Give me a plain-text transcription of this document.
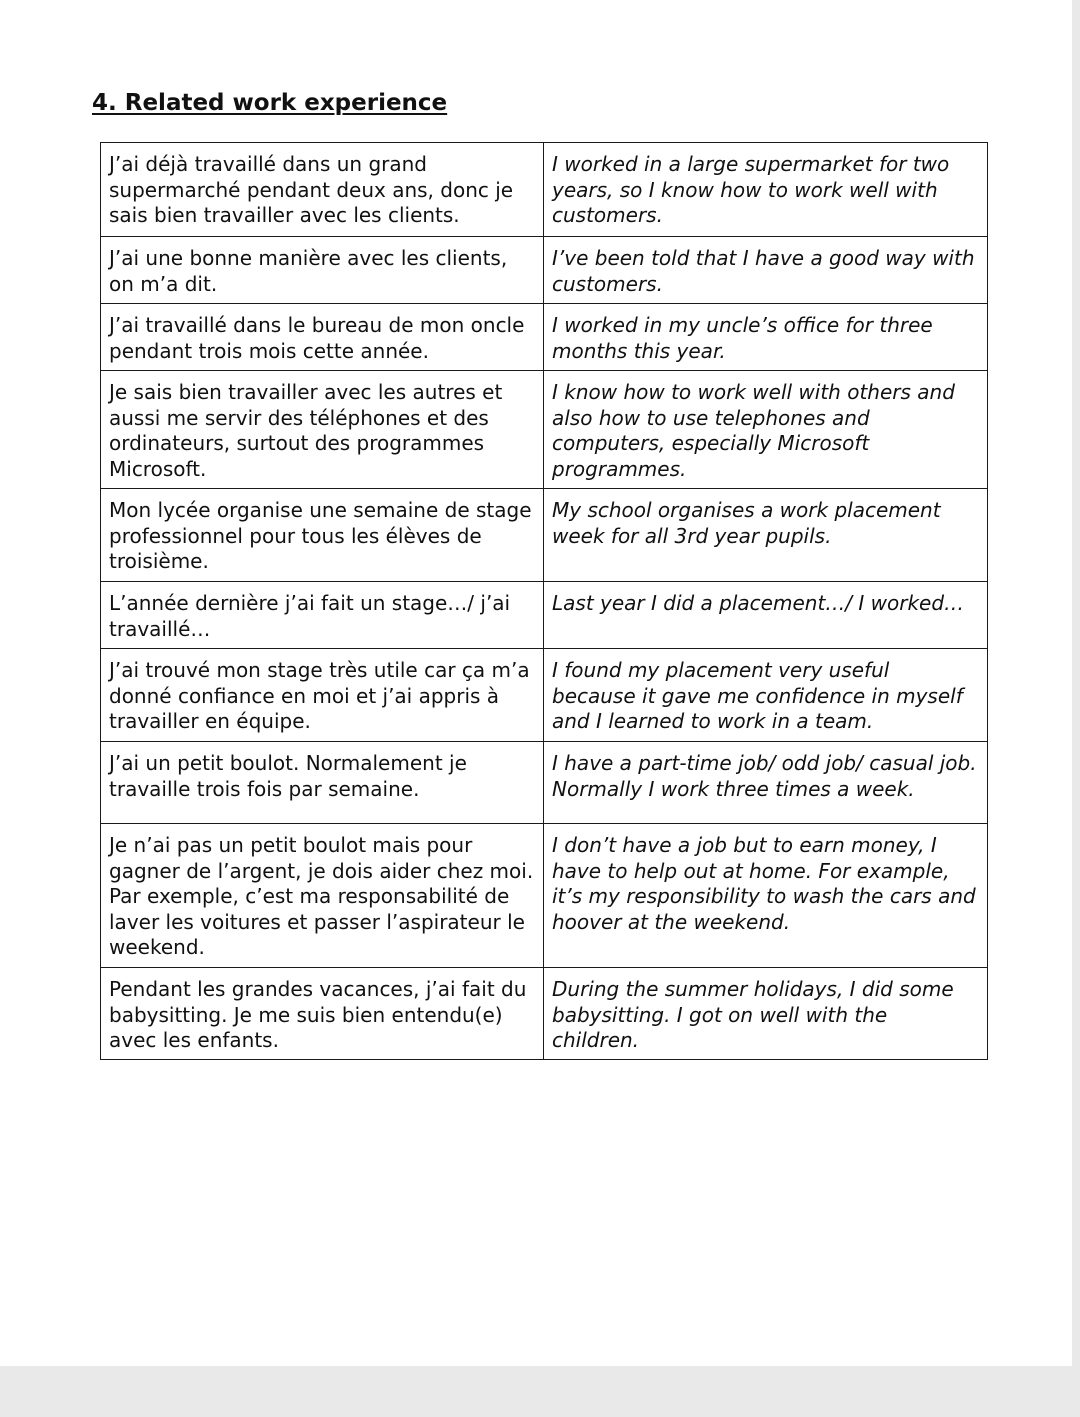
4. Related work experience
J’ai déjà travaillé dans un grand supermarché pendant deux ans, donc je sais bien travailler avec les clients.	I worked in a large supermarket for two years, so I know how to work well with customers.
J’ai une bonne manière avec les clients, on m’a dit.	I’ve been told that I have a good way with customers.
J’ai travaillé dans le bureau de mon oncle pendant trois mois cette année.	I worked in my uncle’s office for three months this year.
Je sais bien travailler avec les autres et aussi me servir des téléphones et des ordinateurs, surtout des programmes Microsoft.	I know how to work well with others and also how to use telephones and computers, especially Microsoft programmes.
Mon lycée organise une semaine de stage professionnel pour tous les élèves de troisième.	My school organises a work placement week for all 3rd year pupils.
L’année dernière j’ai fait un stage…/ j’ai travaillé…	Last year I did a placement…/ I worked…
J’ai trouvé mon stage très utile car ça m’a donné confiance en moi et j’ai appris à travailler en équipe.	I found my placement very useful because it gave me confidence in myself and I learned to work in a team.
J’ai un petit boulot. Normalement je travaille trois fois par semaine.	I have a part-time job/ odd job/ casual job. Normally I work three times a week.
Je n’ai pas un petit boulot mais pour gagner de l’argent, je dois aider chez moi. Par exemple, c’est ma responsabilité de laver les voitures et passer l’aspirateur le weekend.	I don’t have a job but to earn money, I have to help out at home. For example, it’s my responsibility to wash the cars and hoover at the weekend.
Pendant les grandes vacances, j’ai fait du babysitting. Je me suis bien entendu(e) avec les enfants.	During the summer holidays, I did some babysitting. I got on well with the children.
